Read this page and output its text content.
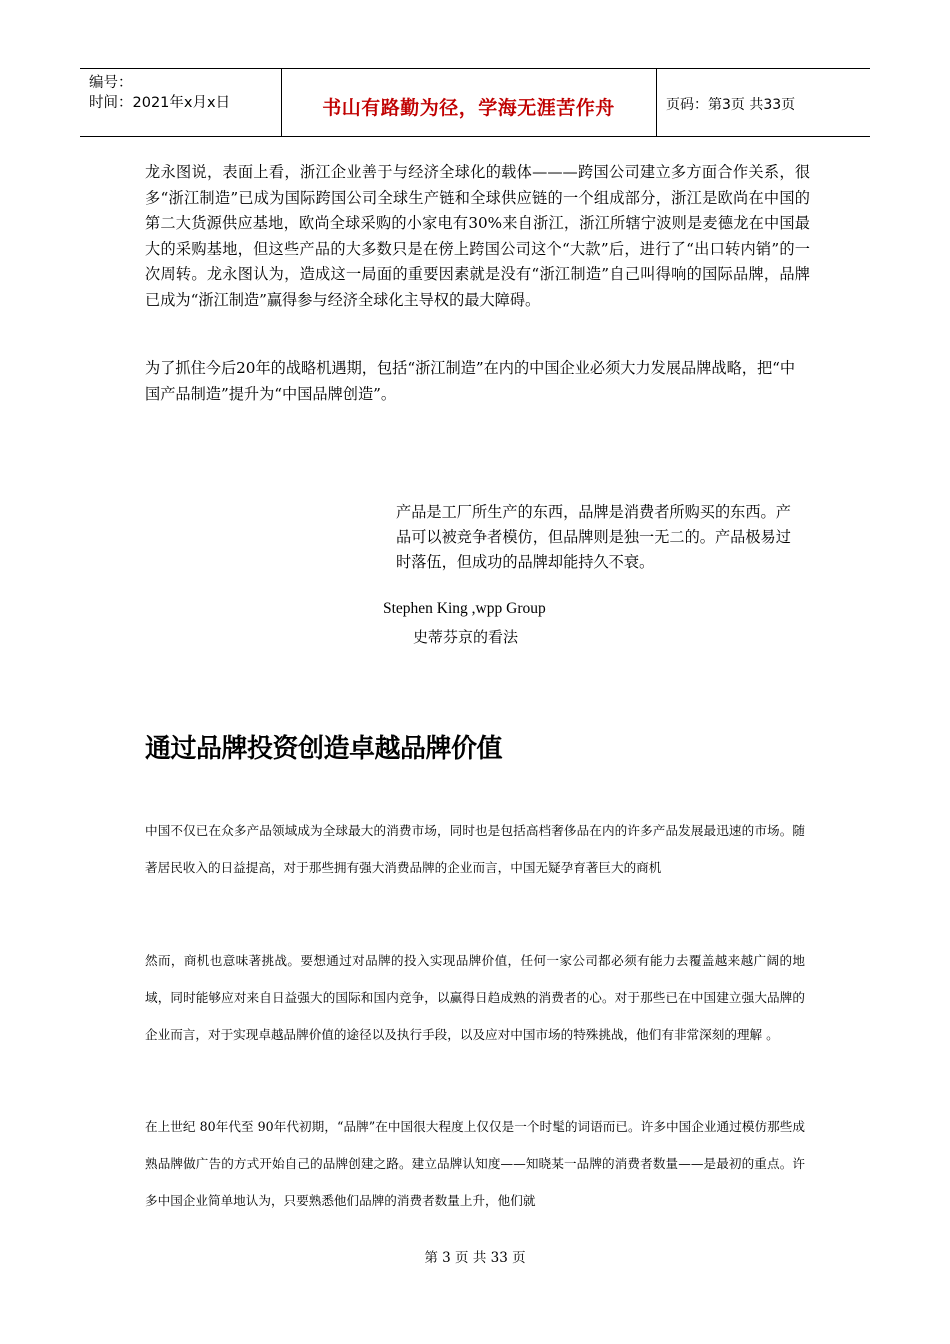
编号：
时间：2021年x月x日	书山有路勤为径，学海无涯苦作舟	页码：第3页 共33页
龙永图说，表面上看，浙江企业善于与经济全球化的载体———跨国公司建立多方面合作关系，很多“浙江制造”已成为国际跨国公司全球生产链和全球供应链的一个组成部分，浙江是欧尚在中国的第二大货源供应基地，欧尚全球采购的小家电有30%来自浙江，浙江所辖宁波则是麦德龙在中国最大的采购基地，但这些产品的大多数只是在傍上跨国公司这个“大款”后，进行了“出口转内销”的一次周转。龙永图认为，造成这一局面的重要因素就是没有“浙江制造”自己叫得响的国际品牌，品牌已成为“浙江制造”赢得参与经济全球化主导权的最大障碍。
为了抓住今后20年的战略机遇期，包括“浙江制造”在内的中国企业必须大力发展品牌战略，把“中国产品制造”提升为“中国品牌创造”。
产品是工厂所生产的东西，品牌是消费者所购买的东西。产品可以被竞争者模仿，但品牌则是独一无二的。产品极易过时落伍，但成功的品牌却能持久不衰。
Stephen King ,wpp Group
史蒂芬京的看法
通过品牌投资创造卓越品牌价值
中国不仅已在众多产品领域成为全球最大的消费市场，同时也是包括高档奢侈品在内的许多产品发展最迅速的市场。随著居民收入的日益提高，对于那些拥有强大消费品牌的企业而言，中国无疑孕育著巨大的商机
然而，商机也意味著挑战。要想通过对品牌的投入实现品牌价值，任何一家公司都必须有能力去覆盖越来越广阔的地域，同时能够应对来自日益强大的国际和国内竞争，以赢得日趋成熟的消费者的心。对于那些已在中国建立强大品牌的企业而言，对于实现卓越品牌价值的途径以及执行手段，以及应对中国市场的特殊挑战，他们有非常深刻的理解 。
在上世纪 80年代至 90年代初期，“品牌”在中国很大程度上仅仅是一个时髦的词语而已。许多中国企业通过模仿那些成熟品牌做广告的方式开始自己的品牌创建之路。建立品牌认知度——知晓某一品牌的消费者数量——是最初的重点。许多中国企业简单地认为，只要熟悉他们品牌的消费者数量上升，他们就
第 3 页 共 33 页
